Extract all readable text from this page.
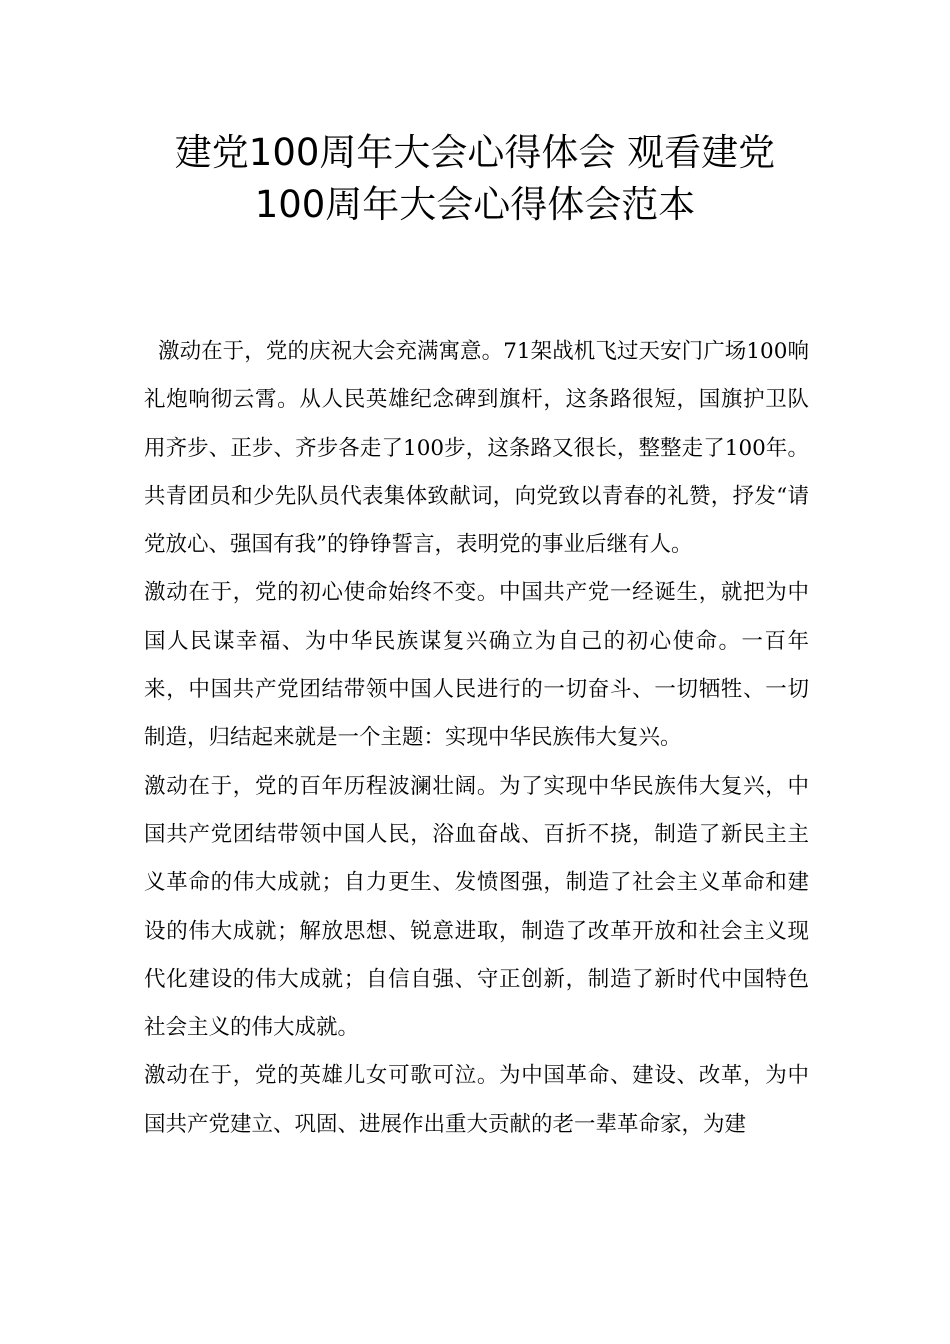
建党100周年大会心得体会 观看建党
100周年大会心得体会范本

激动在于，党的庆祝大会充满寓意。71架战机飞过天安门广场100响礼炮响彻云霄。从人民英雄纪念碑到旗杆，这条路很短，国旗护卫队用齐步、正步、齐步各走了100步，这条路又很长，整整走了100年。共青团员和少先队员代表集体致献词，向党致以青春的礼赞，抒发“请党放心、强国有我”的铮铮誓言，表明党的事业后继有人。

激动在于，党的初心使命始终不变。中国共产党一经诞生，就把为中国人民谋幸福、为中华民族谋复兴确立为自己的初心使命。一百年来，中国共产党团结带领中国人民进行的一切奋斗、一切牺牲、一切制造，归结起来就是一个主题：实现中华民族伟大复兴。

激动在于，党的百年历程波澜壮阔。为了实现中华民族伟大复兴，中国共产党团结带领中国人民，浴血奋战、百折不挠，制造了新民主主义革命的伟大成就；自力更生、发愤图强，制造了社会主义革命和建设的伟大成就；解放思想、锐意进取，制造了改革开放和社会主义现代化建设的伟大成就；自信自强、守正创新，制造了新时代中国特色社会主义的伟大成就。

激动在于，党的英雄儿女可歌可泣。为中国革命、建设、改革，为中国共产党建立、巩固、进展作出重大贡献的老一辈革命家，为建
